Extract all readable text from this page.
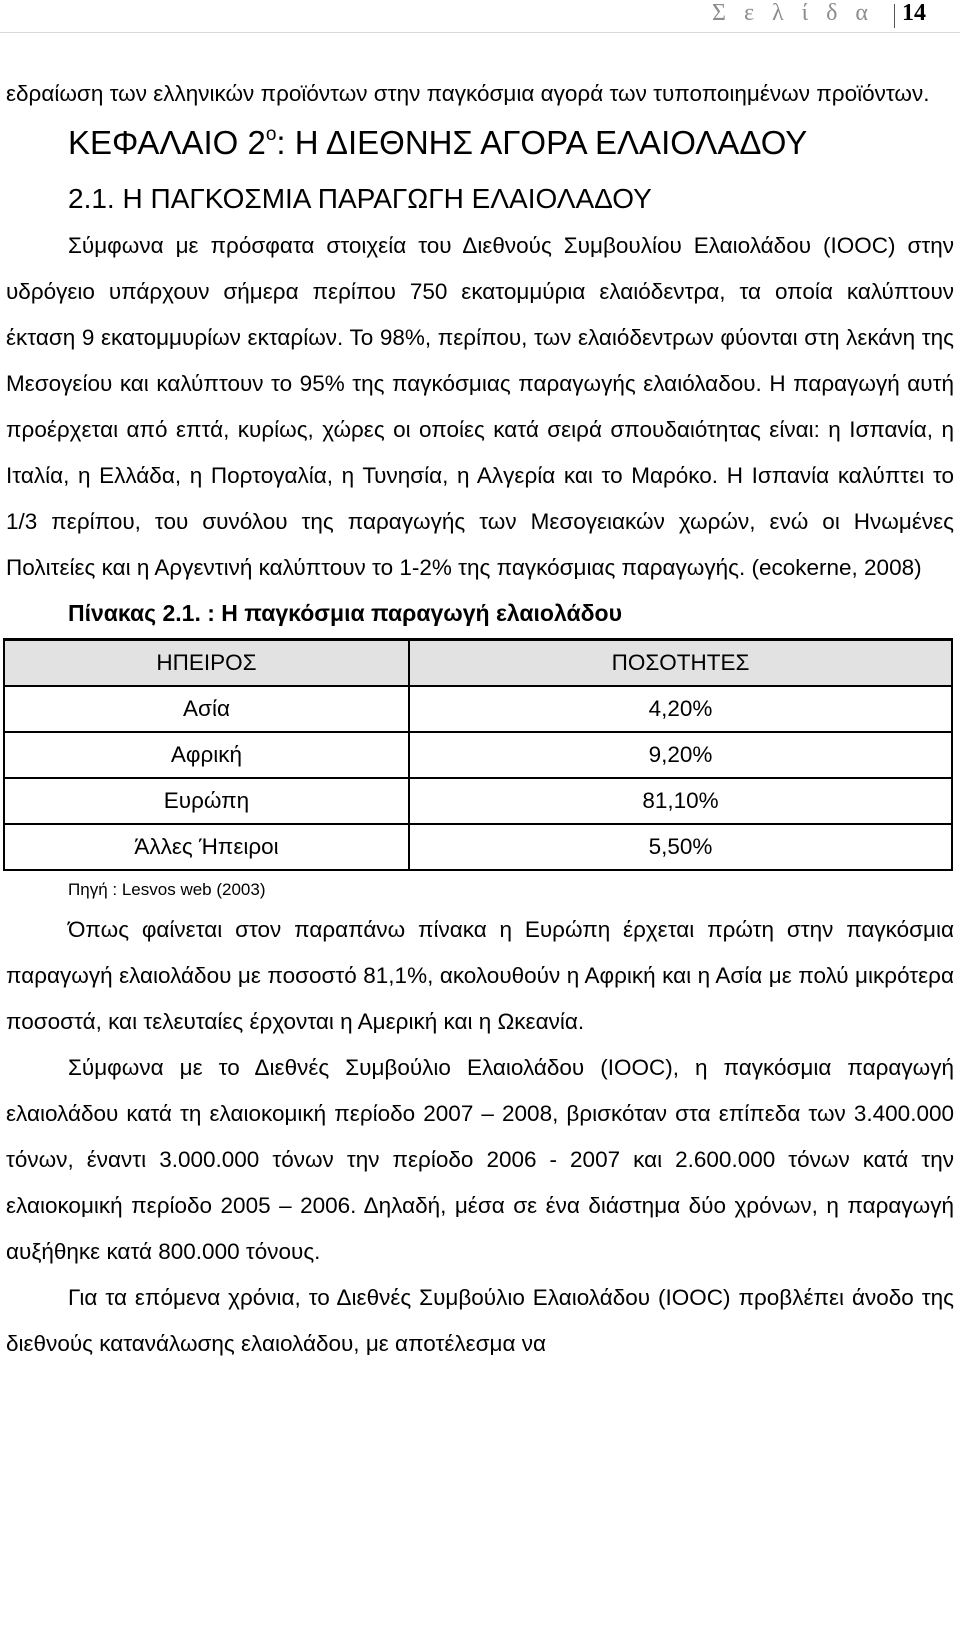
Σ ε λ ί δ α 14

εδραίωση των ελληνικών προϊόντων στην παγκόσμια αγορά των τυποποιημένων προϊόντων.

ΚΕΦΑΛΑΙΟ $2^o$: Η ΔΙΕΘΝΗΣ ΑΓΟΡΑ ΕΛΑΙΟΛΑΔΟΥ
2.1. Η ΠΑΓΚΟΣΜΙΑ ΠΑΡΑΓΩΓΗ ΕΛΑΙΟΛΑΔΟΥ

Σύμφωνα με πρόσφατα στοιχεία του Διεθνούς Συμβουλίου Ελαιολάδου (IOOC) στην υδρόγειο υπάρχουν σήμερα περίπου 750 εκατομμύρια ελαιόδεντρα, τα οποία καλύπτουν έκταση 9 εκατομμυρίων εκταρίων. Το 98%, περίπου, των ελαιόδεντρων φύονται στη λεκάνη της Μεσογείου και καλύπτουν το 95% της παγκόσμιας παραγωγής ελαιόλαδου. Η παραγωγή αυτή προέρχεται από επτά, κυρίως, χώρες οι οποίες κατά σειρά σπουδαιότητας είναι: η Ισπανία, η Ιταλία, η Ελλάδα, η Πορτογαλία, η Τυνησία, η Αλγερία και το Μαρόκο. Η Ισπανία καλύπτει το 1/3 περίπου, του συνόλου της παραγωγής των Μεσογειακών χωρών, ενώ οι Ηνωμένες Πολιτείες και η Αργεντινή καλύπτουν το 1-2% της παγκόσμιας παραγωγής. (ecokerne, 2008)

Πίνακας 2.1. : Η παγκόσμια παραγωγή ελαιολάδου
ΗΠΕΙΡΟΣ	ΠΟΣΟΤΗΤΕΣ
Ασία	4,20%
Αφρική	9,20%
Ευρώπη	81,10%
Άλλες Ήπειροι	5,50%
Πηγή : Lesvos web (2003)

Όπως φαίνεται στον παραπάνω πίνακα η Ευρώπη έρχεται πρώτη στην παγκόσμια παραγωγή ελαιολάδου με ποσοστό 81,1%, ακολουθούν η Αφρική και η Ασία με πολύ μικρότερα ποσοστά, και τελευταίες έρχονται η Αμερική και η Ωκεανία.

Σύμφωνα με το Διεθνές Συμβούλιο Ελαιολάδου (IOOC), η παγκόσμια παραγωγή ελαιολάδου κατά τη ελαιοκομική περίοδο 2007 – 2008, βρισκόταν στα επίπεδα των 3.400.000 τόνων, έναντι 3.000.000 τόνων την περίοδο 2006 - 2007 και 2.600.000 τόνων κατά την ελαιοκομική περίοδο 2005 – 2006. Δηλαδή, μέσα σε ένα διάστημα δύο χρόνων, η παραγωγή αυξήθηκε κατά 800.000 τόνους.

Για τα επόμενα χρόνια, το Διεθνές Συμβούλιο Ελαιολάδου (IOOC) προβλέπει άνοδο της διεθνούς κατανάλωσης ελαιολάδου, με αποτέλεσμα να
